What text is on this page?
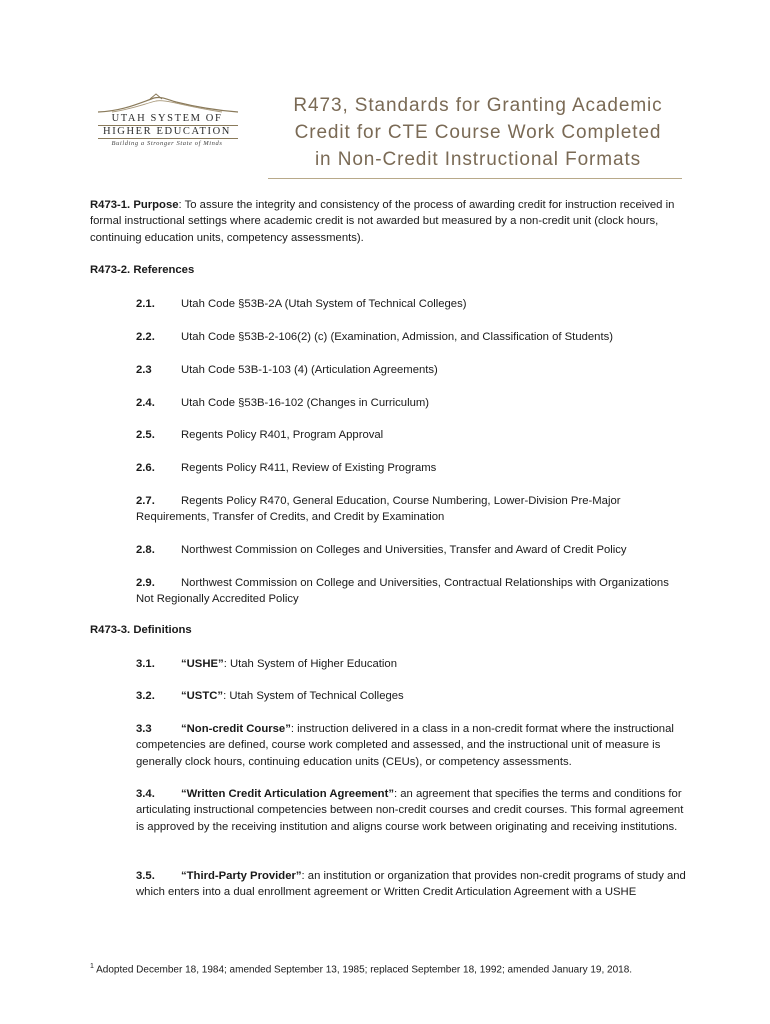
UTAH SYSTEM OF
HIGHER EDUCATION
Building a Stronger State of Minds
R473, Standards for Granting Academic
Credit for CTE Course Work Completed
in Non-Credit Instructional Formats
R473-1. Purpose: To assure the integrity and consistency of the process of awarding credit for instruction received in formal instructional settings where academic credit is not awarded but measured by a non-credit unit (clock hours, continuing education units, competency assessments).
R473-2. References
2.1. Utah Code §53B-2A (Utah System of Technical Colleges)
2.2. Utah Code §53B-2-106(2) (c) (Examination, Admission, and Classification of Students)
2.3	Utah Code 53B-1-103 (4) (Articulation Agreements)
2.4. Utah Code §53B-16-102 (Changes in Curriculum)
2.5. Regents Policy R401, Program Approval
2.6. Regents Policy R411, Review of Existing Programs
2.7. Regents Policy R470, General Education, Course Numbering, Lower-Division Pre-Major Requirements, Transfer of Credits, and Credit by Examination
2.8. Northwest Commission on Colleges and Universities, Transfer and Award of Credit Policy
2.9. Northwest Commission on College and Universities, Contractual Relationships with Organizations Not Regionally Accredited Policy
R473-3. Definitions
3.1. “USHE”: Utah System of Higher Education
3.2. “USTC”: Utah System of Technical Colleges
3.3	“Non-credit Course”: instruction delivered in a class in a non-credit format where the instructional competencies are defined, course work completed and assessed, and the instructional unit of measure is generally clock hours, continuing education units (CEUs), or competency assessments.
3.4. “Written Credit Articulation Agreement”: an agreement that specifies the terms and conditions for articulating instructional competencies between non-credit courses and credit courses. This formal agreement is approved by the receiving institution and aligns course work between originating and receiving institutions.
3.5. “Third-Party Provider”: an institution or organization that provides non-credit programs of study and which enters into a dual enrollment agreement or Written Credit Articulation Agreement with a USHE
$^1$ Adopted December 18, 1984; amended September 13, 1985; replaced September 18, 1992; amended January 19, 2018.
